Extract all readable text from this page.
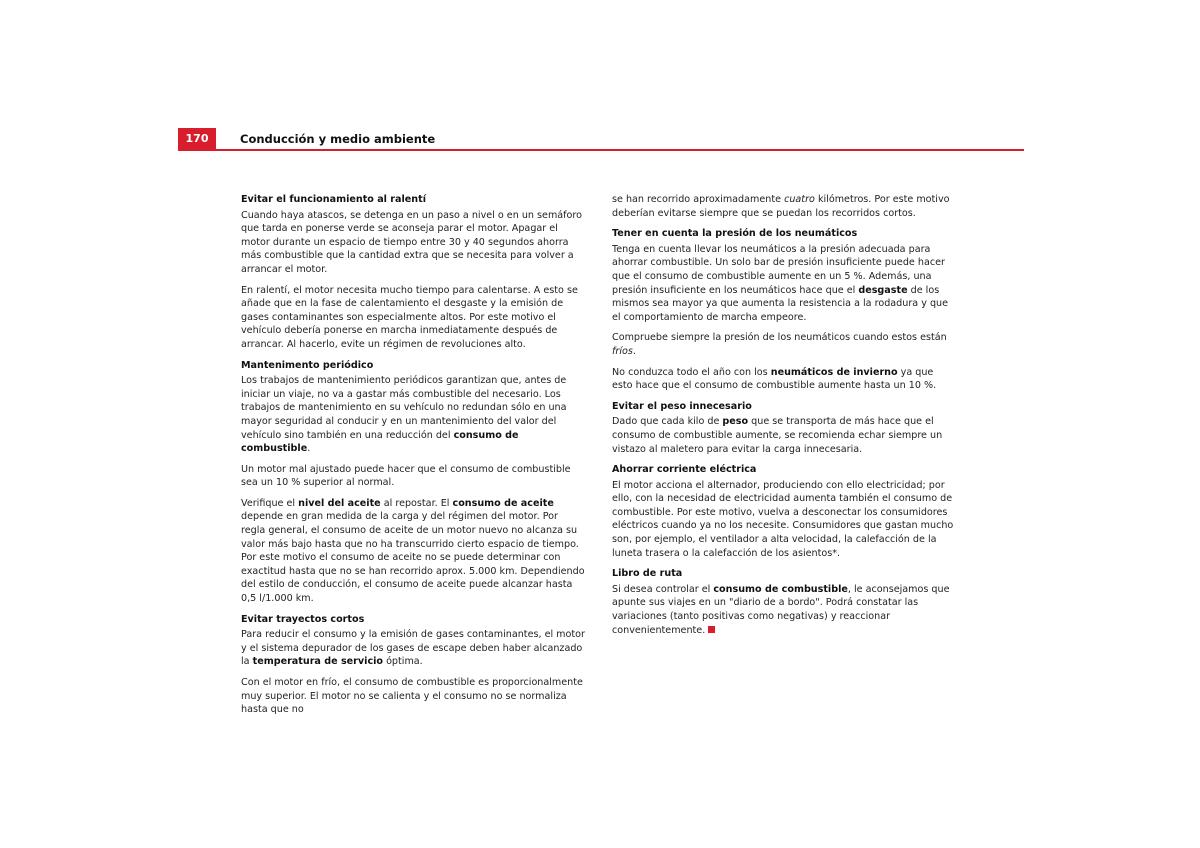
170	Conducción y medio ambiente
Evitar el funcionamiento al ralentí

Cuando haya atascos, se detenga en un paso a nivel o en un semáforo que tarda en ponerse verde se aconseja parar el motor. Apagar el motor durante un espacio de tiempo entre 30 y 40 segundos ahorra más combustible que la cantidad extra que se necesita para volver a arrancar el motor.

En ralentí, el motor necesita mucho tiempo para calentarse. A esto se añade que en la fase de calentamiento el desgaste y la emisión de gases contaminantes son especialmente altos. Por este motivo el vehículo debería ponerse en marcha inmediatamente después de arrancar. Al hacerlo, evite un régimen de revoluciones alto.

Mantenimento periódico

Los trabajos de mantenimiento periódicos garantizan que, antes de iniciar un viaje, no va a gastar más combustible del necesario. Los trabajos de mantenimiento en su vehículo no redundan sólo en una mayor seguridad al conducir y en un mantenimiento del valor del vehículo sino también en una reducción del consumo de combustible.

Un motor mal ajustado puede hacer que el consumo de combustible sea un 10 % superior al normal.

Verifique el nivel del aceite al repostar. El consumo de aceite depende en gran medida de la carga y del régimen del motor. Por regla general, el consumo de aceite de un motor nuevo no alcanza su valor más bajo hasta que no ha transcurrido cierto espacio de tiempo. Por este motivo el consumo de aceite no se puede determinar con exactitud hasta que no se han recorrido aprox. 5.000 km. Dependiendo del estilo de conducción, el consumo de aceite puede alcanzar hasta 0,5 l/1.000 km.

Evitar trayectos cortos

Para reducir el consumo y la emisión de gases contaminantes, el motor y el sistema depurador de los gases de escape deben haber alcanzado la temperatura de servicio óptima.

Con el motor en frío, el consumo de combustible es proporcionalmente muy superior. El motor no se calienta y el consumo no se normaliza hasta que no

se han recorrido aproximadamente cuatro kilómetros. Por este motivo deberían evitarse siempre que se puedan los recorridos cortos.

Tener en cuenta la presión de los neumáticos

Tenga en cuenta llevar los neumáticos a la presión adecuada para ahorrar combustible. Un solo bar de presión insuficiente puede hacer que el consumo de combustible aumente en un 5 %. Además, una presión insuficiente en los neumáticos hace que el desgaste de los mismos sea mayor ya que aumenta la resistencia a la rodadura y que el comportamiento de marcha empeore.

Compruebe siempre la presión de los neumáticos cuando estos están fríos.

No conduzca todo el año con los neumáticos de invierno ya que esto hace que el consumo de combustible aumente hasta un 10 %.

Evitar el peso innecesario

Dado que cada kilo de peso que se transporta de más hace que el consumo de combustible aumente, se recomienda echar siempre un vistazo al maletero para evitar la carga innecesaria.

Ahorrar corriente eléctrica

El motor acciona el alternador, produciendo con ello electricidad; por ello, con la necesidad de electricidad aumenta también el consumo de combustible. Por este motivo, vuelva a desconectar los consumidores eléctricos cuando ya no los necesite. Consumidores que gastan mucho son, por ejemplo, el ventilador a alta velocidad, la calefacción de la luneta trasera o la calefacción de los asientos*.

Libro de ruta

Si desea controlar el consumo de combustible, le aconsejamos que apunte sus viajes en un "diario de a bordo". Podrá constatar las variaciones (tanto positivas como negativas) y reaccionar convenientemente.
